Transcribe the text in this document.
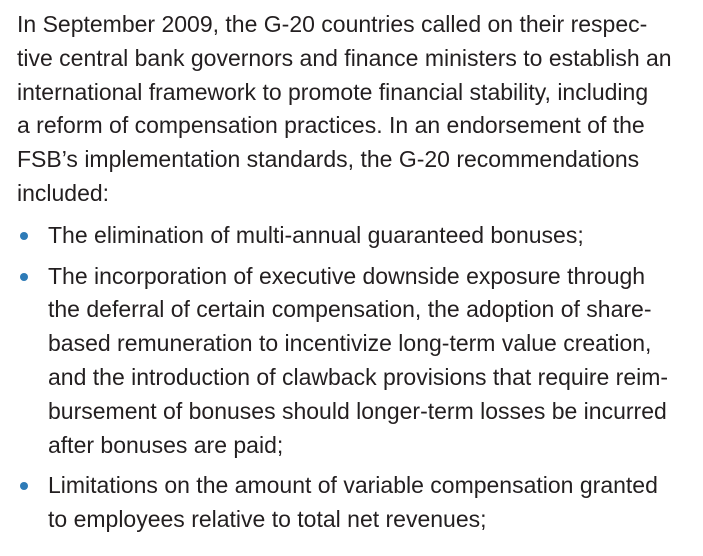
In September 2009, the G-20 countries called on their respec-
tive central bank governors and finance ministers to establish an
international framework to promote financial stability, including
a reform of compensation practices. In an endorsement of the
FSB’s implementation standards, the G-20 recommendations
included:
The elimination of multi-annual guaranteed bonuses;
The incorporation of executive downside exposure through
the deferral of certain compensation, the adoption of share-
based remuneration to incentivize long-term value creation,
and the introduction of clawback provisions that require reim-
bursement of bonuses should longer-term losses be incurred
after bonuses are paid;
Limitations on the amount of variable compensation granted
to employees relative to total net revenues;
